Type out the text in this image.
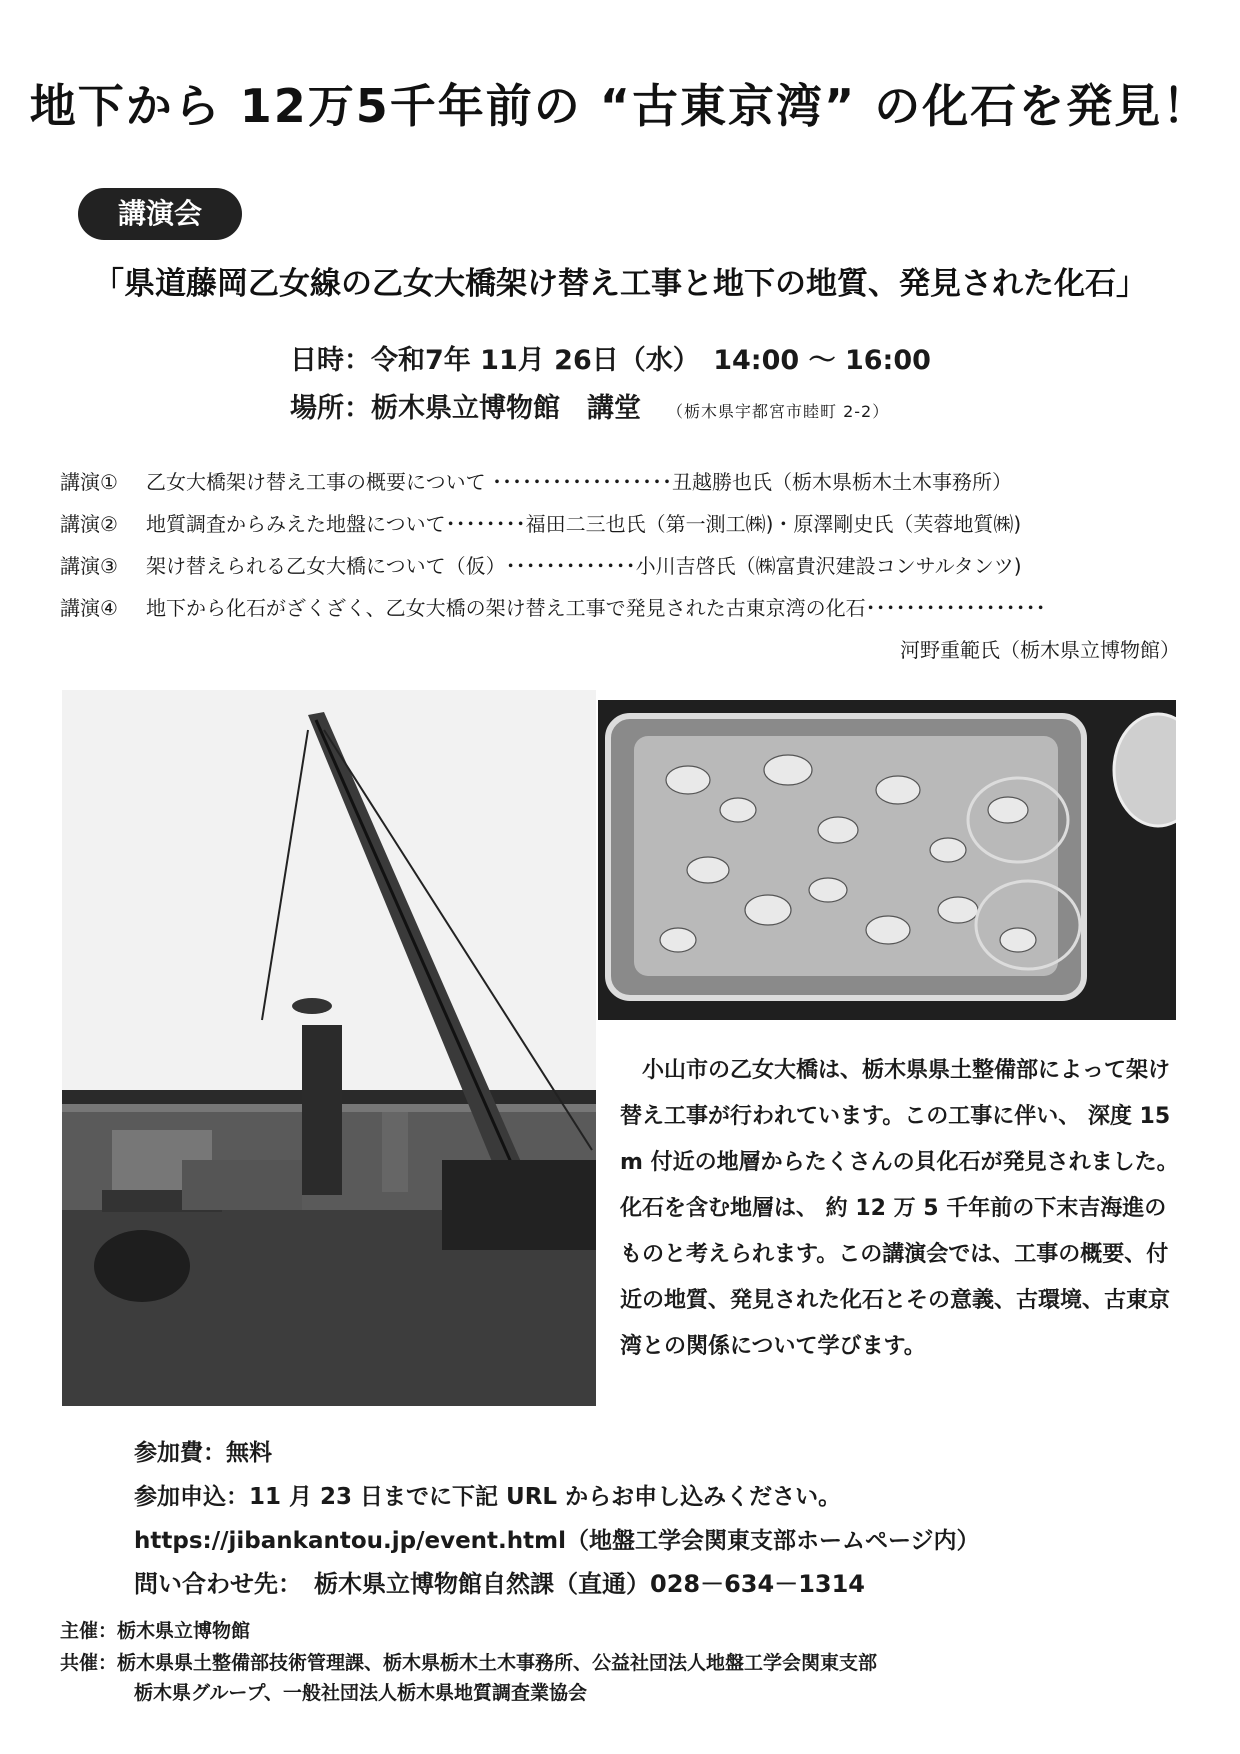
地下から 12万5千年前の “古東京湾” の化石を発見！
講演会
「県道藤岡乙女線の乙女大橋架け替え工事と地下の地質、発見された化石」
日時：令和7年 11月 26日（水）　14:00 ～ 16:00
場所：栃木県立博物館　講堂 （栃木県宇都宮市睦町 2-2）
講演① 乙女大橋架け替え工事の概要について ･･････････････････丑越勝也氏（栃木県栃木土木事務所）
講演② 地質調査からみえた地盤について････････福田二三也氏（第一測工㈱)・原澤剛史氏（芙蓉地質㈱)
講演③ 架け替えられる乙女大橋について（仮）･････････････小川吉啓氏（㈱富貴沢建設コンサルタンツ)
講演④ 地下から化石がざくざく、乙女大橋の架け替え工事で発見された古東京湾の化石･･････････････････
河野重範氏（栃木県立博物館）
　小山市の乙女大橋は、栃木県県土整備部によって架け替え工事が行われています。この工事に伴い、 深度 15 m 付近の地層からたくさんの貝化石が発見されました。 化石を含む地層は、 約 12 万 5 千年前の下末吉海進のものと考えられます。この講演会では、工事の概要、付近の地質、発見された化石とその意義、古環境、古東京湾との関係について学びます。
参加費：無料
参加申込：11 月 23 日までに下記 URL からお申し込みください。
https://jibankantou.jp/event.html（地盤工学会関東支部ホームページ内）
問い合わせ先：　栃木県立博物館自然課（直通）028－634－1314
主催：栃木県立博物館
共催：栃木県県土整備部技術管理課、栃木県栃木土木事務所、公益社団法人地盤工学会関東支部
栃木県グループ、一般社団法人栃木県地質調査業協会
